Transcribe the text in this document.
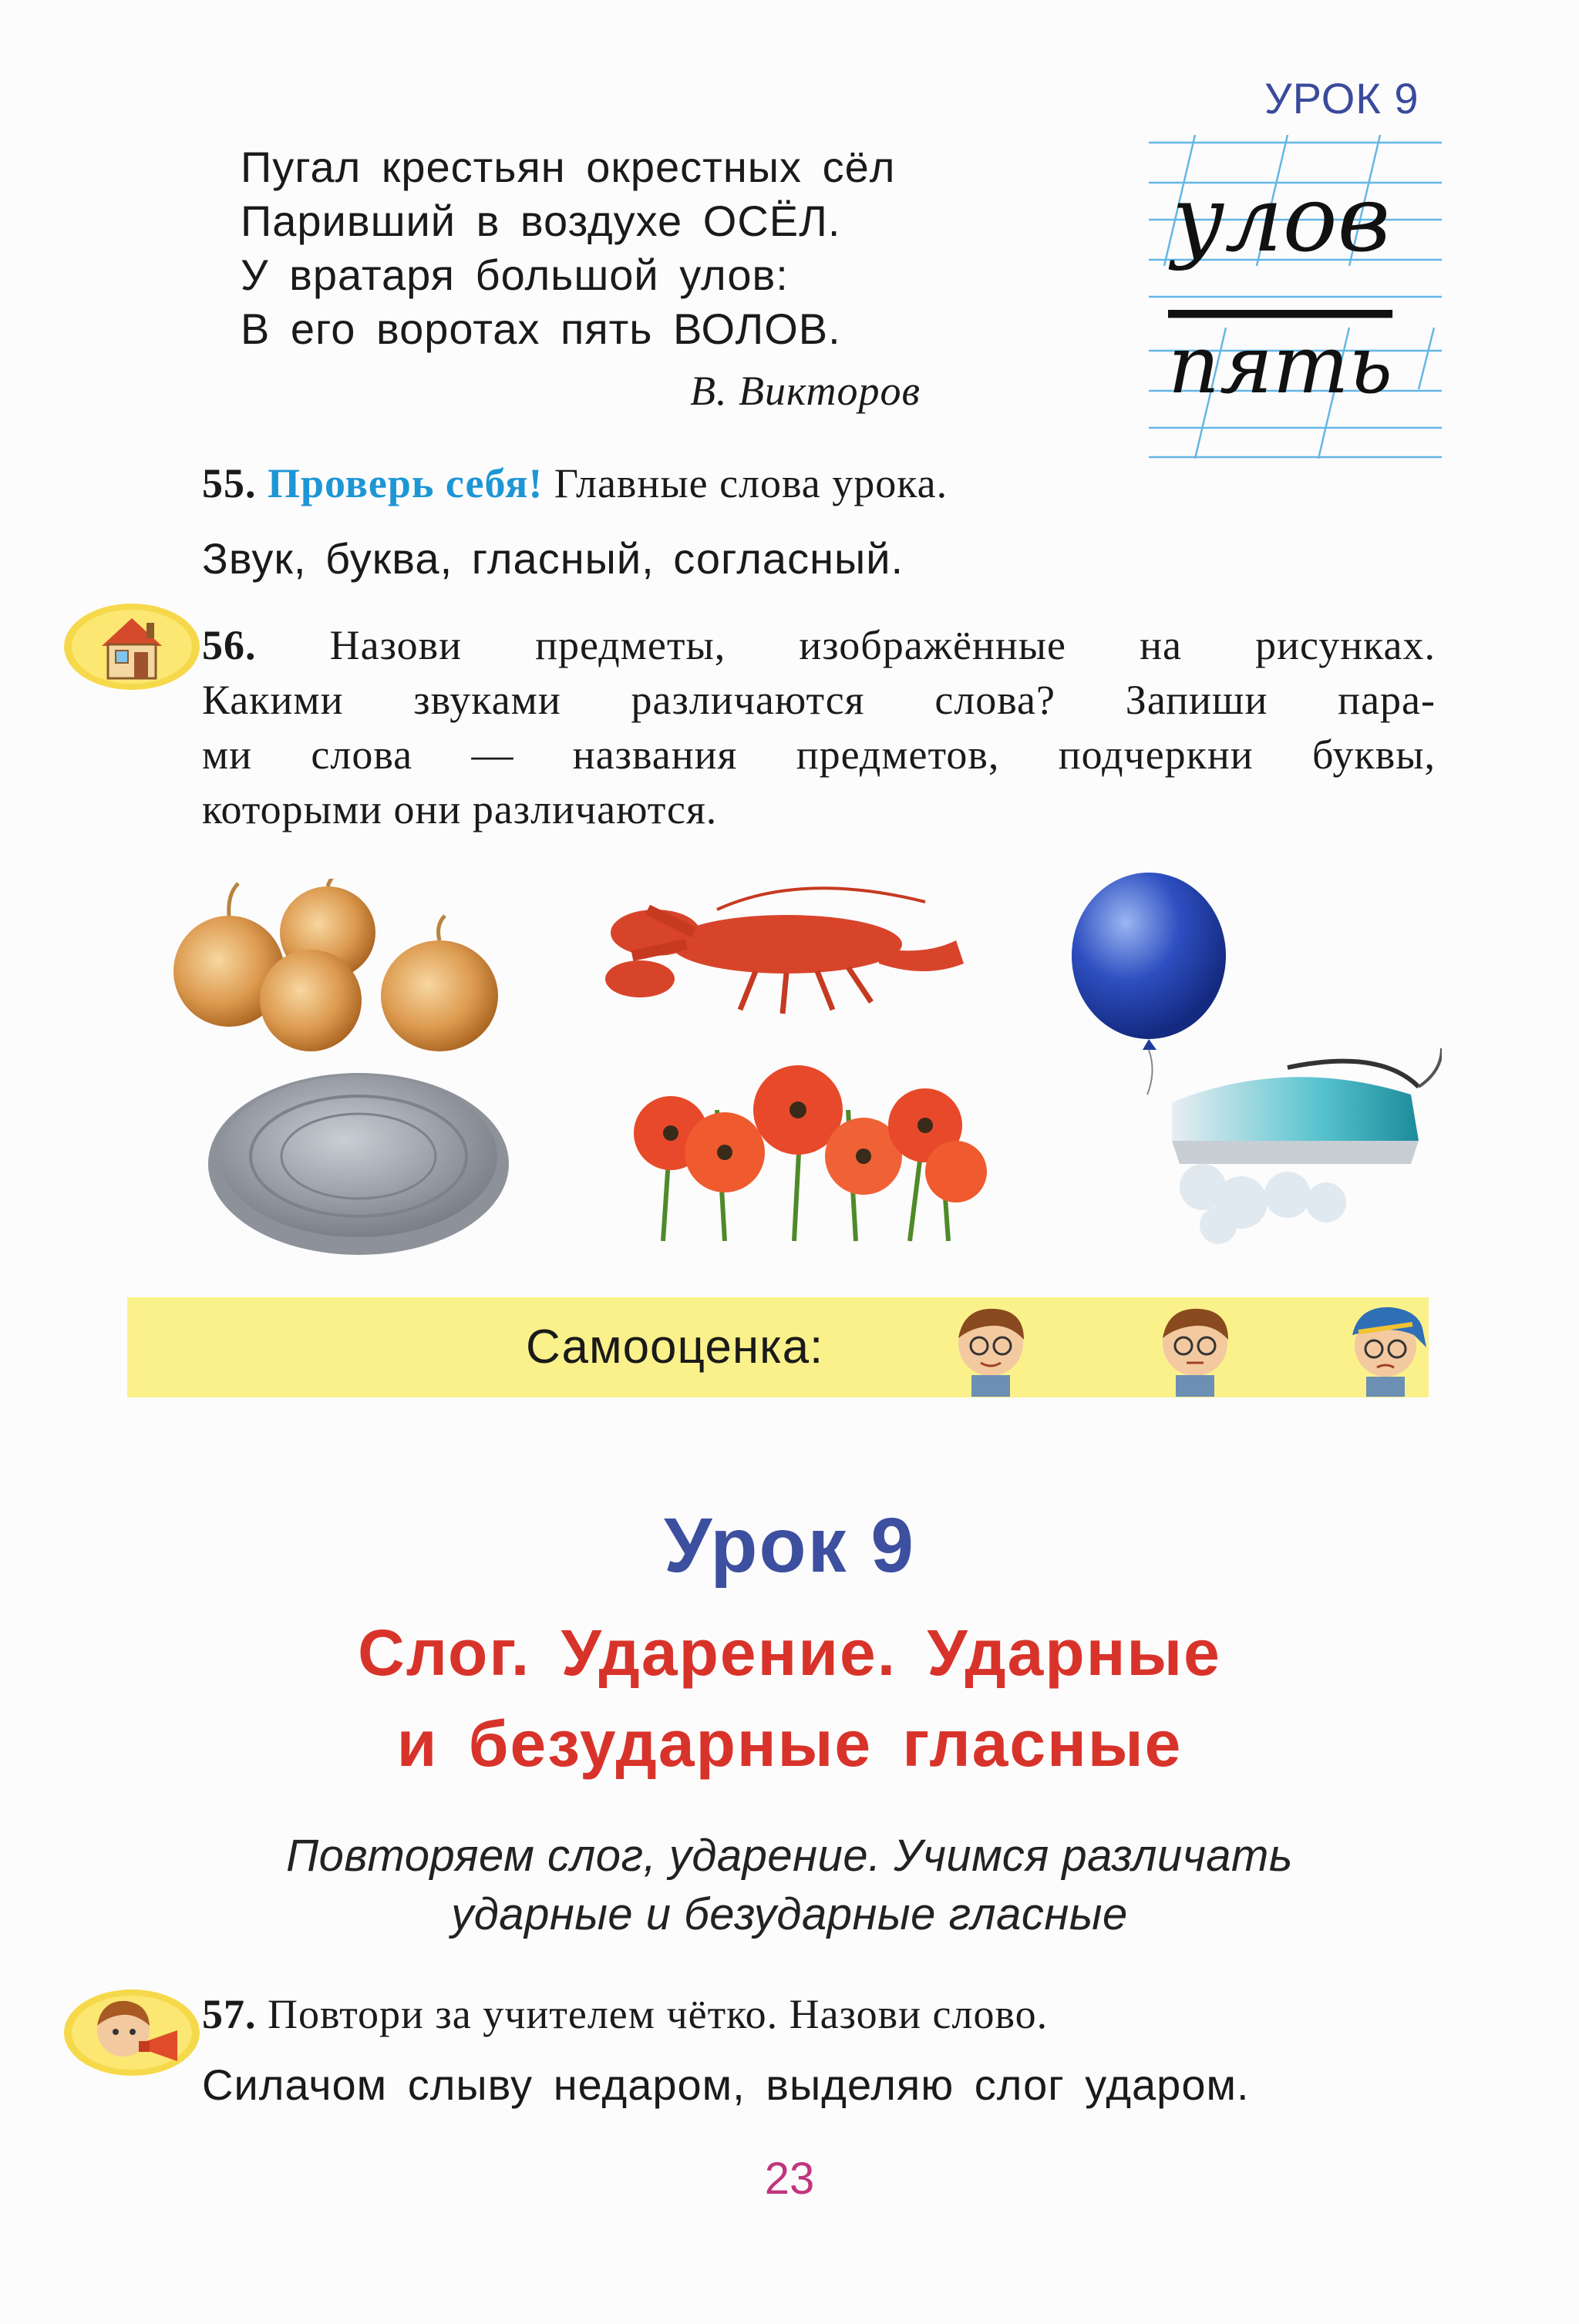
УРОК 9
Пугал крестьян окрестных сёл
Паривший в воздухе ОСЁЛ.
У вратаря большой улов:
В его воротах пять ВОЛОВ.
В. Викторов
улов
пять
55. Проверь себя! Главные слова урока.
Звук, буква, гласный, согласный.
56. Назови предметы, изображённые на рисунках.
Какими звуками различаются слова? Запиши пара-
ми слова — названия предметов, подчеркни буквы,
которыми они различаются.
Самооценка:
Урок 9
Слог. Ударение. Ударные
и безударные гласные
Повторяем слог, ударение. Учимся различать
ударные и безударные гласные
57. Повтори за учителем чётко. Назови слово.
Силачом слыву недаром, выделяю слог ударом.
23
